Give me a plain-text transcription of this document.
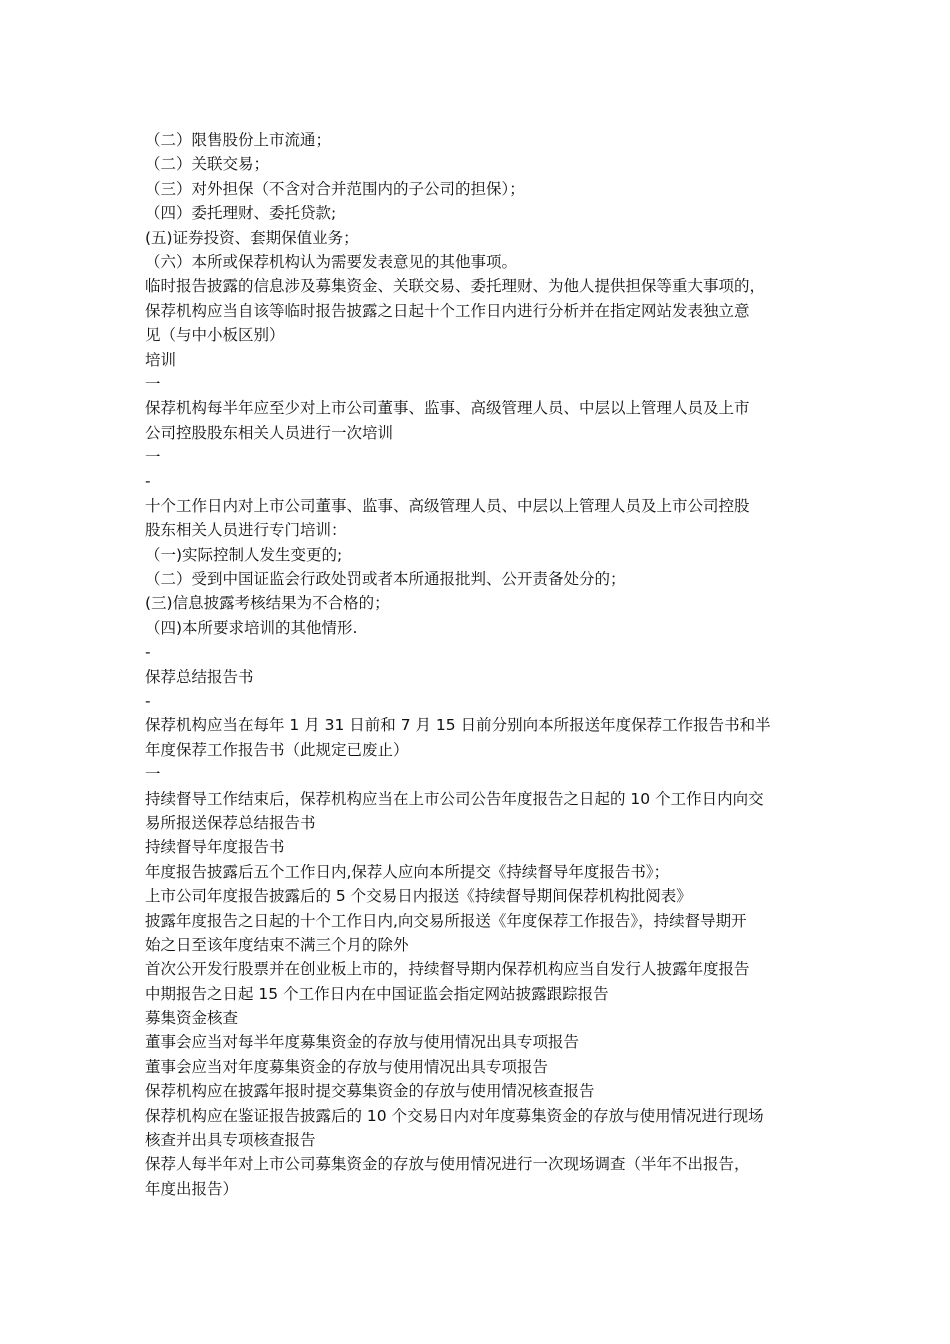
（二）限售股份上市流通；
（二）关联交易；
（三）对外担保（不含对合并范围内的子公司的担保）；
（四）委托理财、委托贷款;
(五)证券投资、套期保值业务；
（六）本所或保荐机构认为需要发表意见的其他事项。
临时报告披露的信息涉及募集资金、关联交易、委托理财、为他人提供担保等重大事项的，
保荐机构应当自该等临时报告披露之日起十个工作日内进行分析并在指定网站发表独立意
见（与中小板区别）
培训
一
保荐机构每半年应至少对上市公司董事、监事、高级管理人员、中层以上管理人员及上市
公司控股股东相关人员进行一次培训
一
-
十个工作日内对上市公司董事、监事、高级管理人员、中层以上管理人员及上市公司控股
股东相关人员进行专门培训：
（一)实际控制人发生变更的;
（二）受到中国证监会行政处罚或者本所通报批判、公开责备处分的；
(三)信息披露考核结果为不合格的；
（四)本所要求培训的其他情形.
-
保荐总结报告书
-
保荐机构应当在每年 1 月 31 日前和 7 月 15 日前分别向本所报送年度保荐工作报告书和半
年度保荐工作报告书（此规定已废止）
一
持续督导工作结束后，保荐机构应当在上市公司公告年度报告之日起的 10 个工作日内向交
易所报送保荐总结报告书
持续督导年度报告书
年度报告披露后五个工作日内,保荐人应向本所提交《持续督导年度报告书》；
上市公司年度报告披露后的 5 个交易日内报送《持续督导期间保荐机构批阅表》
披露年度报告之日起的十个工作日内,向交易所报送《年度保荐工作报告》，持续督导期开
始之日至该年度结束不满三个月的除外
首次公开发行股票并在创业板上市的，持续督导期内保荐机构应当自发行人披露年度报告
中期报告之日起 15 个工作日内在中国证监会指定网站披露跟踪报告
募集资金核查
董事会应当对每半年度募集资金的存放与使用情况出具专项报告
董事会应当对年度募集资金的存放与使用情况出具专项报告
保荐机构应在披露年报时提交募集资金的存放与使用情况核查报告
保荐机构应在鉴证报告披露后的 10 个交易日内对年度募集资金的存放与使用情况进行现场
核查并出具专项核查报告
保荐人每半年对上市公司募集资金的存放与使用情况进行一次现场调查（半年不出报告，
年度出报告）
